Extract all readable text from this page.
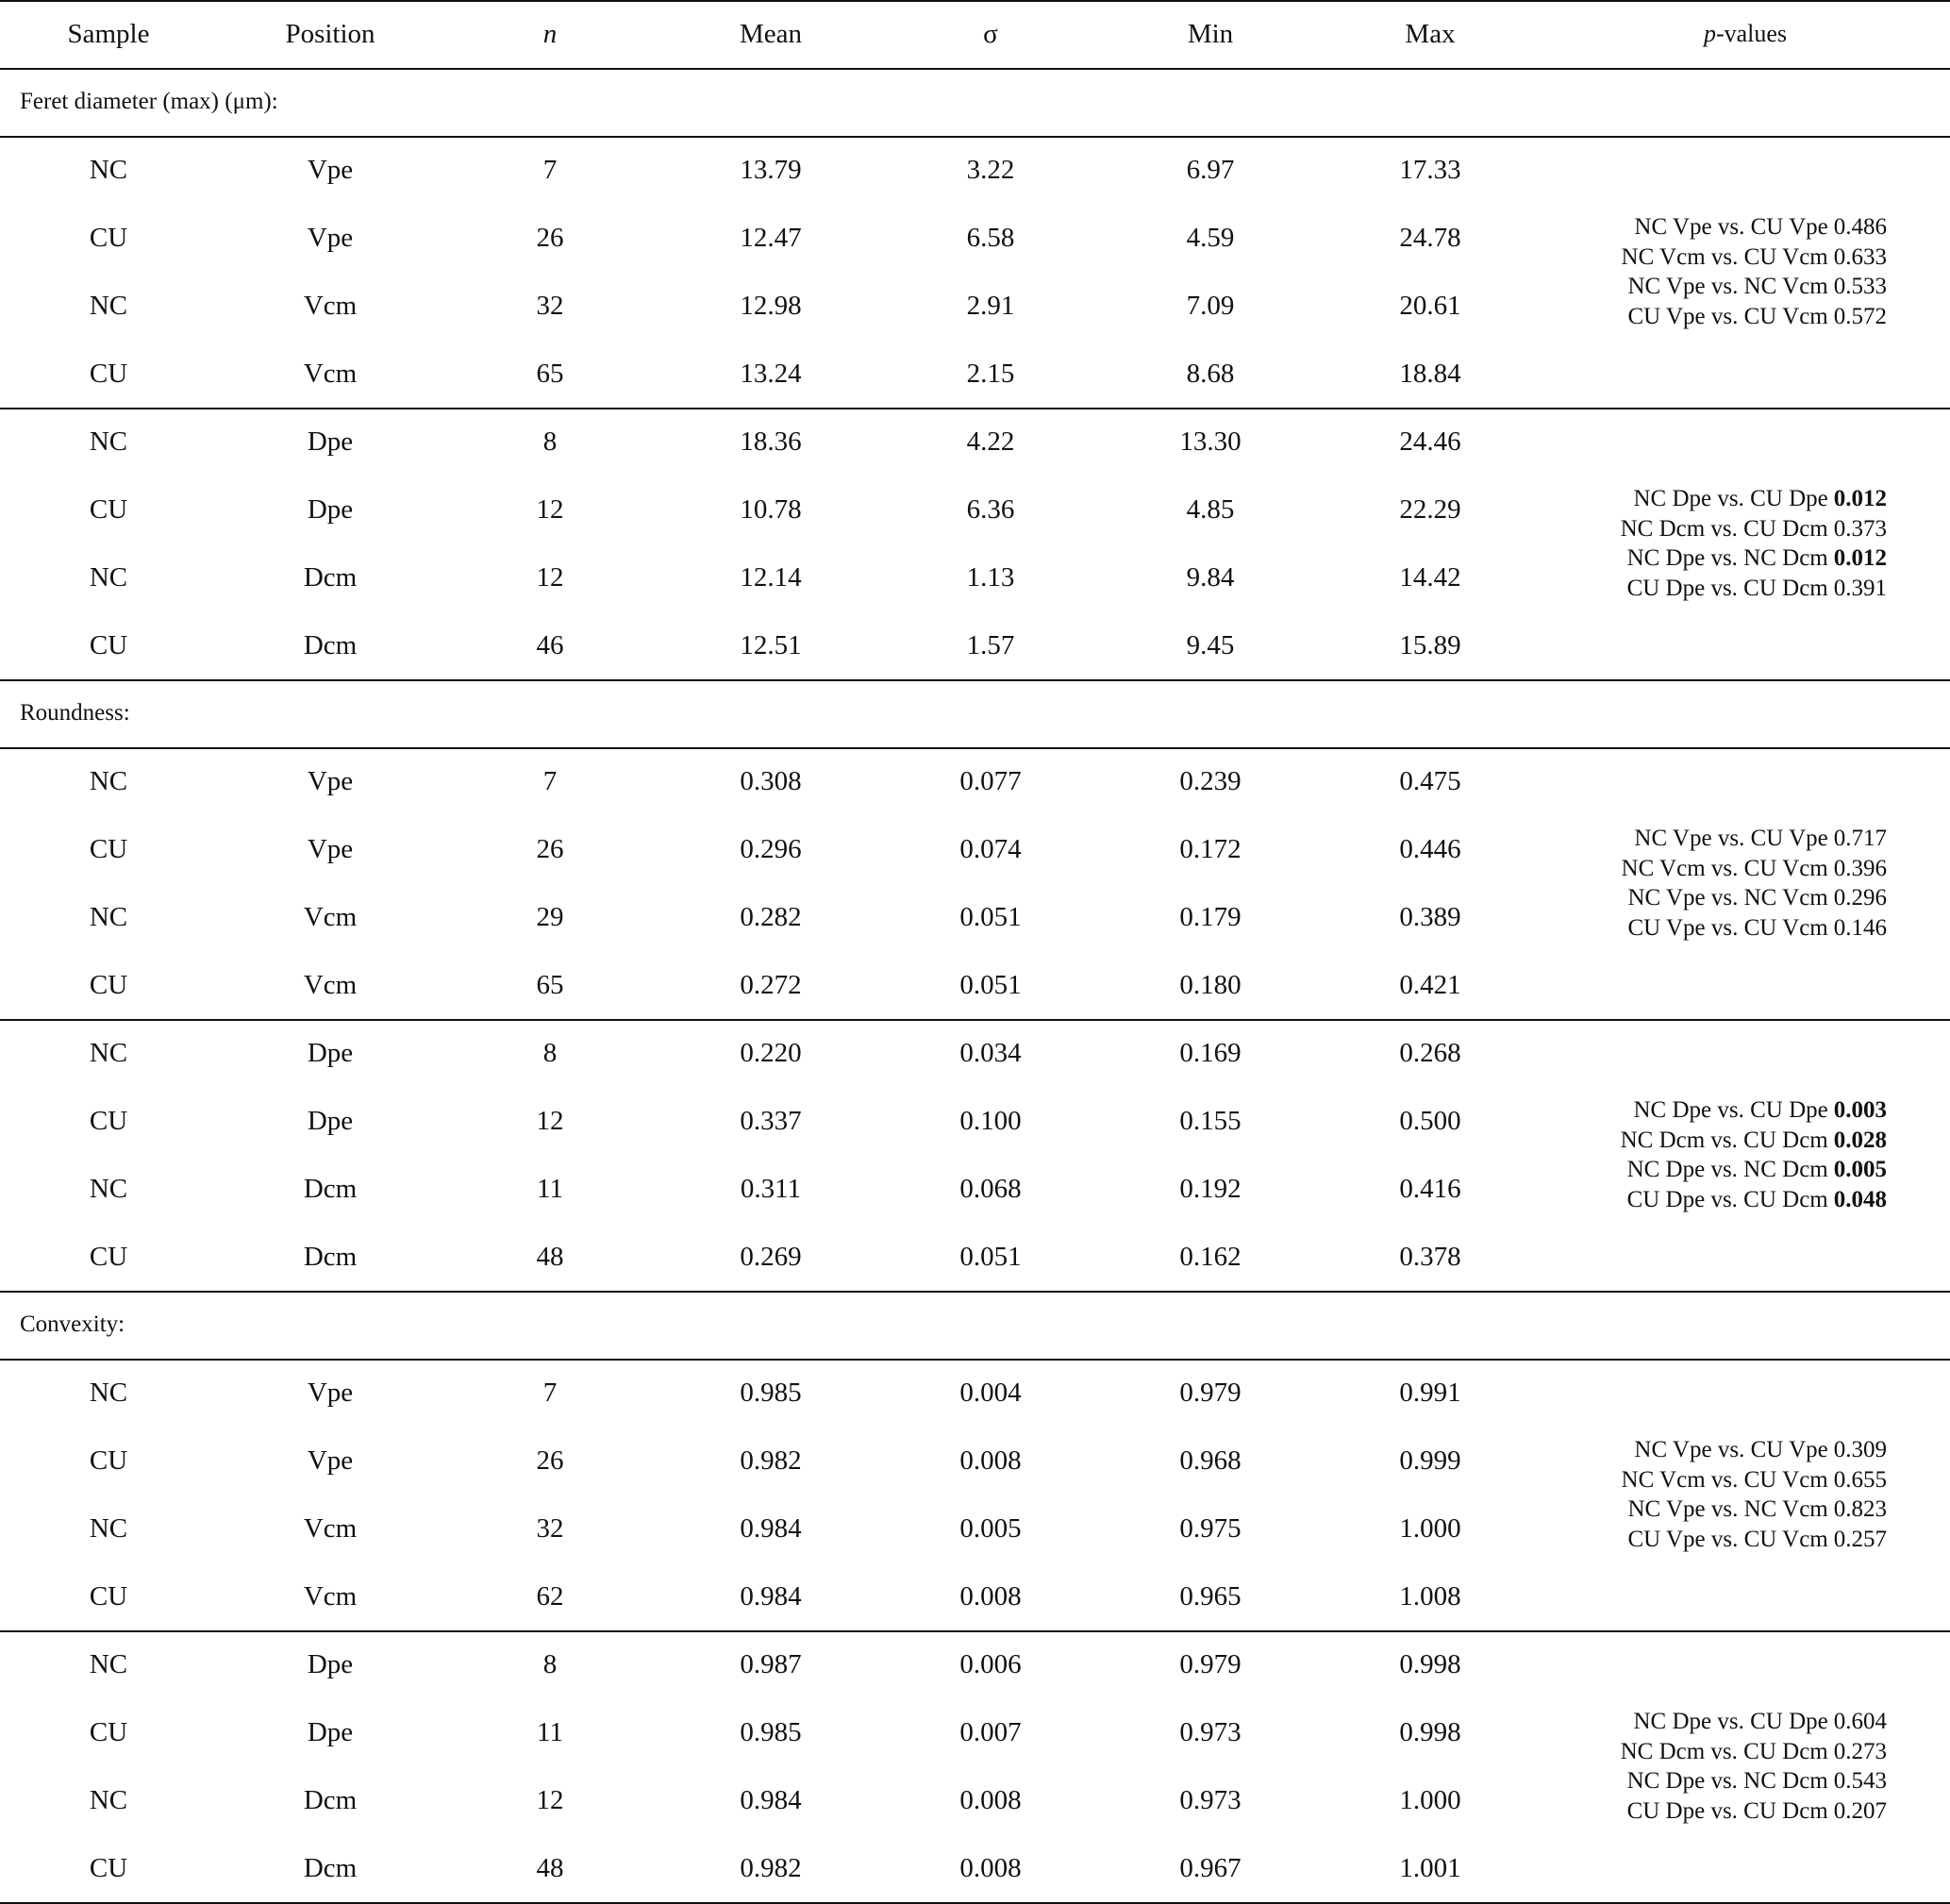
Sample	Position	n	Mean	σ	Min	Max	p -values
Feret diameter (max) (μm):
NC	Vpe	7	13.79	3.22	6.97	17.33
CU	Vpe	26	12.47	6.58	4.59	24.78
NC	Vcm	32	12.98	2.91	7.09	20.61
CU	Vcm	65	13.24	2.15	8.68	18.84
NC Vpe vs. CU Vpe 0.486
NC Vcm vs. CU Vcm 0.633
NC Vpe vs. NC Vcm 0.533
CU Vpe vs. CU Vcm 0.572
NC	Dpe	8	18.36	4.22	13.30	24.46
CU	Dpe	12	10.78	6.36	4.85	22.29
NC	Dcm	12	12.14	1.13	9.84	14.42
CU	Dcm	46	12.51	1.57	9.45	15.89
NC Dpe vs. CU Dpe 0.012
NC Dcm vs. CU Dcm 0.373
NC Dpe vs. NC Dcm 0.012
CU Dpe vs. CU Dcm 0.391
Roundness:
NC	Vpe	7	0.308	0.077	0.239	0.475
CU	Vpe	26	0.296	0.074	0.172	0.446
NC	Vcm	29	0.282	0.051	0.179	0.389
CU	Vcm	65	0.272	0.051	0.180	0.421
NC Vpe vs. CU Vpe 0.717
NC Vcm vs. CU Vcm 0.396
NC Vpe vs. NC Vcm 0.296
CU Vpe vs. CU Vcm 0.146
NC	Dpe	8	0.220	0.034	0.169	0.268
CU	Dpe	12	0.337	0.100	0.155	0.500
NC	Dcm	11	0.311	0.068	0.192	0.416
CU	Dcm	48	0.269	0.051	0.162	0.378
NC Dpe vs. CU Dpe 0.003
NC Dcm vs. CU Dcm 0.028
NC Dpe vs. NC Dcm 0.005
CU Dpe vs. CU Dcm 0.048
Convexity:
NC	Vpe	7	0.985	0.004	0.979	0.991
CU	Vpe	26	0.982	0.008	0.968	0.999
NC	Vcm	32	0.984	0.005	0.975	1.000
CU	Vcm	62	0.984	0.008	0.965	1.008
NC Vpe vs. CU Vpe 0.309
NC Vcm vs. CU Vcm 0.655
NC Vpe vs. NC Vcm 0.823
CU Vpe vs. CU Vcm 0.257
NC	Dpe	8	0.987	0.006	0.979	0.998
CU	Dpe	11	0.985	0.007	0.973	0.998
NC	Dcm	12	0.984	0.008	0.973	1.000
CU	Dcm	48	0.982	0.008	0.967	1.001
NC Dpe vs. CU Dpe 0.604
NC Dcm vs. CU Dcm 0.273
NC Dpe vs. NC Dcm 0.543
CU Dpe vs. CU Dcm 0.207
